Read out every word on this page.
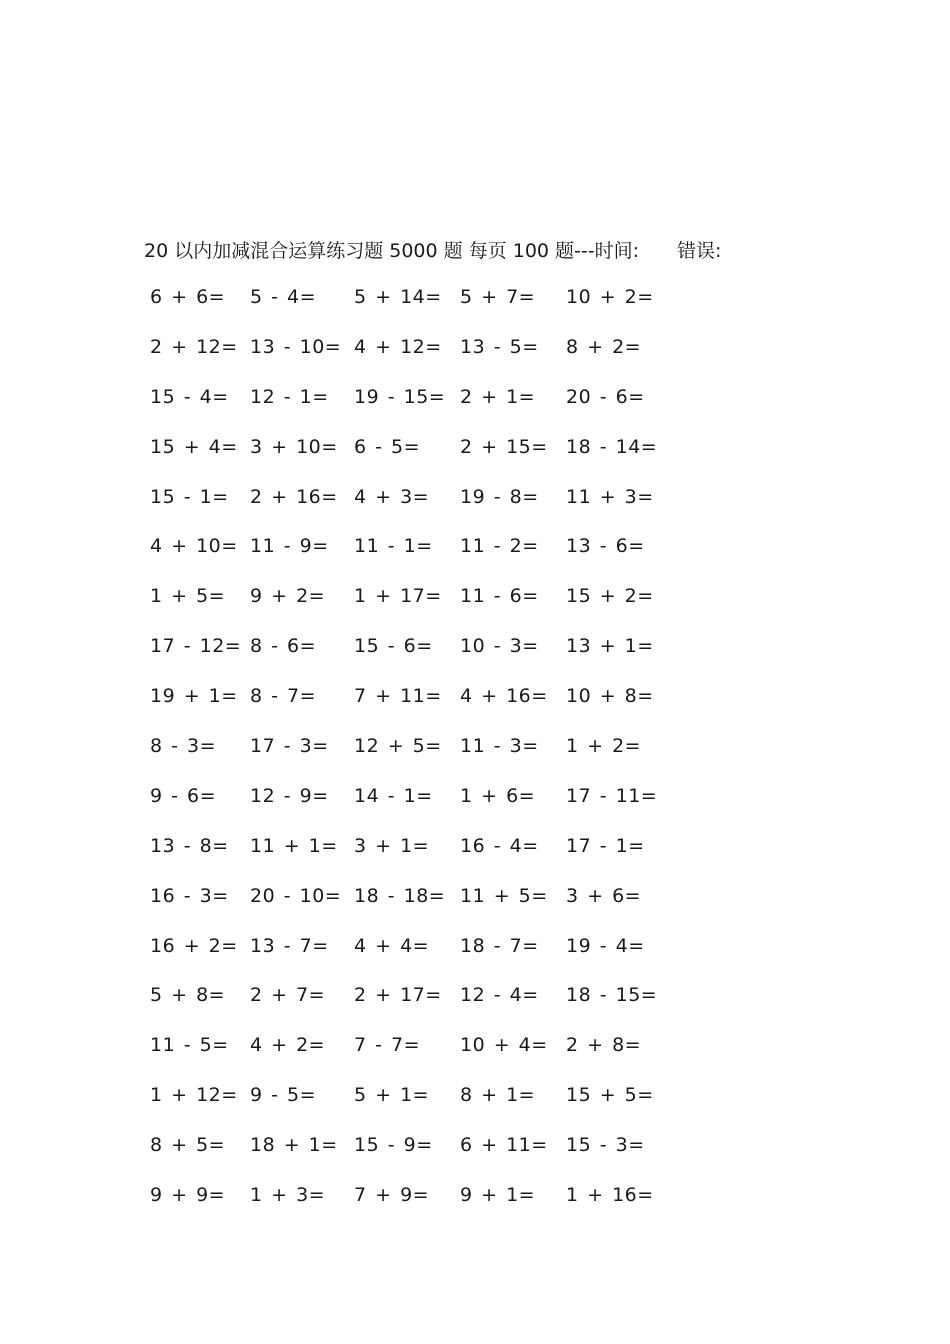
20 以内加减混合运算练习题 5000 题 每页 100 题---时间: 错误:
6 + 6= 5 - 4= 5 + 14= 5 + 7= 10 + 2=
2 + 12= 13 - 10= 4 + 12= 13 - 5= 8 + 2=
15 - 4= 12 - 1= 19 - 15= 2 + 1= 20 - 6=
15 + 4= 3 + 10= 6 - 5= 2 + 15= 18 - 14=
15 - 1= 2 + 16= 4 + 3= 19 - 8= 11 + 3=
4 + 10= 11 - 9= 11 - 1= 11 - 2= 13 - 6=
1 + 5= 9 + 2= 1 + 17= 11 - 6= 15 + 2=
17 - 12= 8 - 6= 15 - 6= 10 - 3= 13 + 1=
19 + 1= 8 - 7= 7 + 11= 4 + 16= 10 + 8=
8 - 3= 17 - 3= 12 + 5= 11 - 3= 1 + 2=
9 - 6= 12 - 9= 14 - 1= 1 + 6= 17 - 11=
13 - 8= 11 + 1= 3 + 1= 16 - 4= 17 - 1=
16 - 3= 20 - 10= 18 - 18= 11 + 5= 3 + 6=
16 + 2= 13 - 7= 4 + 4= 18 - 7= 19 - 4=
5 + 8= 2 + 7= 2 + 17= 12 - 4= 18 - 15=
11 - 5= 4 + 2= 7 - 7= 10 + 4= 2 + 8=
1 + 12= 9 - 5= 5 + 1= 8 + 1= 15 + 5=
8 + 5= 18 + 1= 15 - 9= 6 + 11= 15 - 3=
9 + 9= 1 + 3= 7 + 9= 9 + 1= 1 + 16=
